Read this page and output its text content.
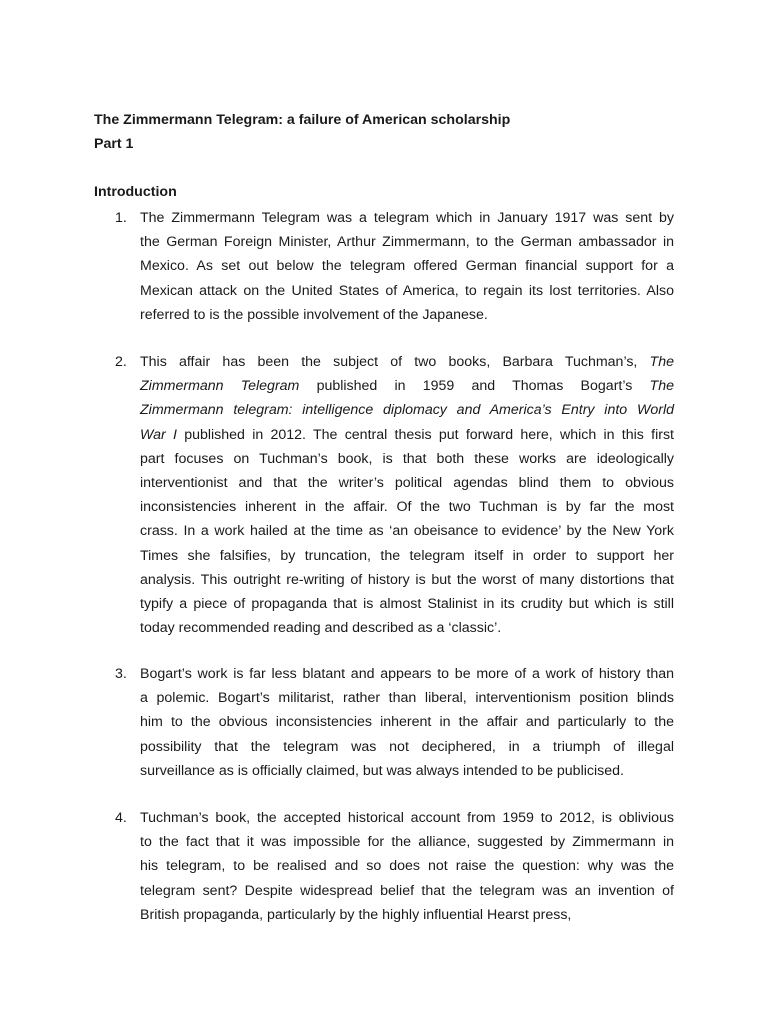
The Zimmermann Telegram: a failure of American scholarship
Part 1
Introduction
1. The Zimmermann Telegram was a telegram which in January 1917 was sent by
the German Foreign Minister, Arthur Zimmermann, to the German ambassador in
Mexico. As set out below the telegram offered German financial support for a
Mexican attack on the United States of America, to regain its lost territories. Also
referred to is the possible involvement of the Japanese.
2. This affair has been the subject of two books, Barbara Tuchman’s, The
Zimmermann Telegram published in 1959 and Thomas Bogart’s The
Zimmermann telegram: intelligence diplomacy and America’s Entry into World
War I published in 2012. The central thesis put forward here, which in this first
part focuses on Tuchman’s book, is that both these works are ideologically
interventionist and that the writer’s political agendas blind them to obvious
inconsistencies inherent in the affair. Of the two Tuchman is by far the most
crass. In a work hailed at the time as ‘an obeisance to evidence’ by the New York
Times she falsifies, by truncation, the telegram itself in order to support her
analysis. This outright re-writing of history is but the worst of many distortions that
typify a piece of propaganda that is almost Stalinist in its crudity but which is still
today recommended reading and described as a ‘classic’.
3. Bogart’s work is far less blatant and appears to be more of a work of history than
a polemic. Bogart’s militarist, rather than liberal, interventionism position blinds
him to the obvious inconsistencies inherent in the affair and particularly to the
possibility that the telegram was not deciphered, in a triumph of illegal
surveillance as is officially claimed, but was always intended to be publicised.
4. Tuchman’s book, the accepted historical account from 1959 to 2012, is oblivious
to the fact that it was impossible for the alliance, suggested by Zimmermann in
his telegram, to be realised and so does not raise the question: why was the
telegram sent? Despite widespread belief that the telegram was an invention of
British propaganda, particularly by the highly influential Hearst press,
